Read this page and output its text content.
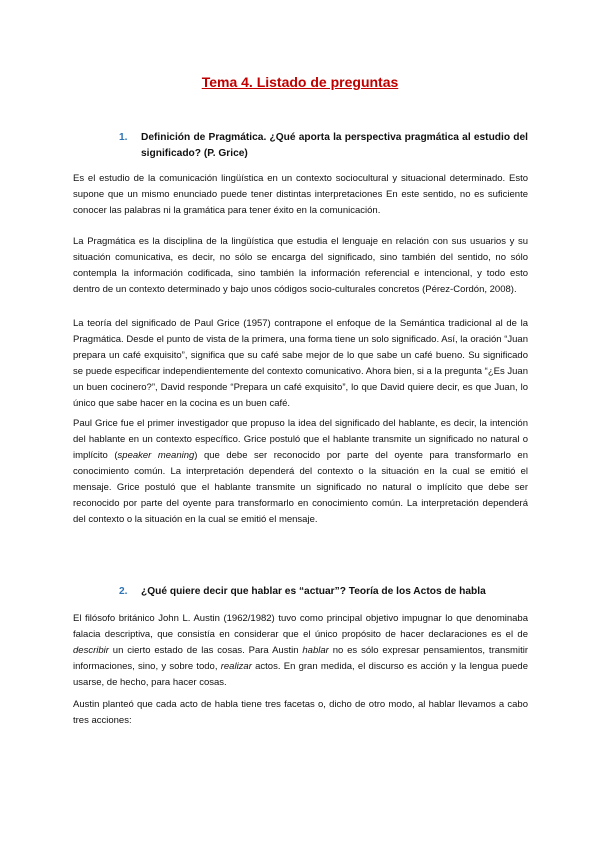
Tema 4. Listado de preguntas
1.	Definición de Pragmática. ¿Qué aporta la perspectiva pragmática al estudio del significado? (P. Grice)

Es el estudio de la comunicación lingüística en un contexto sociocultural y situacional determinado. Esto supone que un mismo enunciado puede tener distintas interpretaciones En este sentido, no es suficiente conocer las palabras ni la gramática para tener éxito en la comunicación.

La Pragmática es la disciplina de la lingüística que estudia el lenguaje en relación con sus usuarios y su situación comunicativa, es decir, no sólo se encarga del significado, sino también del sentido, no sólo contempla la información codificada, sino también la información referencial e intencional, y todo esto dentro de un contexto determinado y bajo unos códigos socio-culturales concretos (Pérez-Cordón, 2008).

La teoría del significado de Paul Grice (1957) contrapone el enfoque de la Semántica tradicional al de la Pragmática. Desde el punto de vista de la primera, una forma tiene un solo significado. Así, la oración “Juan prepara un café exquisito”, significa que su café sabe mejor de lo que sabe un café bueno. Su significado se puede especificar independientemente del contexto comunicativo. Ahora bien, si a la pregunta “¿Es Juan un buen cocinero?”, David responde “Prepara un café exquisito”, lo que David quiere decir, es que Juan, lo único que sabe hacer en la cocina es un buen café.

Paul Grice fue el primer investigador que propuso la idea del significado del hablante, es decir, la intención del hablante en un contexto específico. Grice postuló que el hablante transmite un significado no natural o implícito (speaker meaning) que debe ser reconocido por parte del oyente para transformarlo en conocimiento común. La interpretación dependerá del contexto o la situación en la cual se emitió el mensaje. Grice postuló que el hablante transmite un significado no natural o implícito que debe ser reconocido por parte del oyente para transformarlo en conocimiento común. La interpretación dependerá del contexto o la situación en la cual se emitió el mensaje.

2.	¿Qué quiere decir que hablar es “actuar”? Teoría de los Actos de habla

El filósofo británico John L. Austin (1962/1982) tuvo como principal objetivo impugnar lo que denominaba falacia descriptiva, que consistía en considerar que el único propósito de hacer declaraciones es el de describir un cierto estado de las cosas. Para Austin hablar no es sólo expresar pensamientos, transmitir informaciones, sino, y sobre todo, realizar actos. En gran medida, el discurso es acción y la lengua puede usarse, de hecho, para hacer cosas.

Austin planteó que cada acto de habla tiene tres facetas o, dicho de otro modo, al hablar llevamos a cabo tres acciones:
